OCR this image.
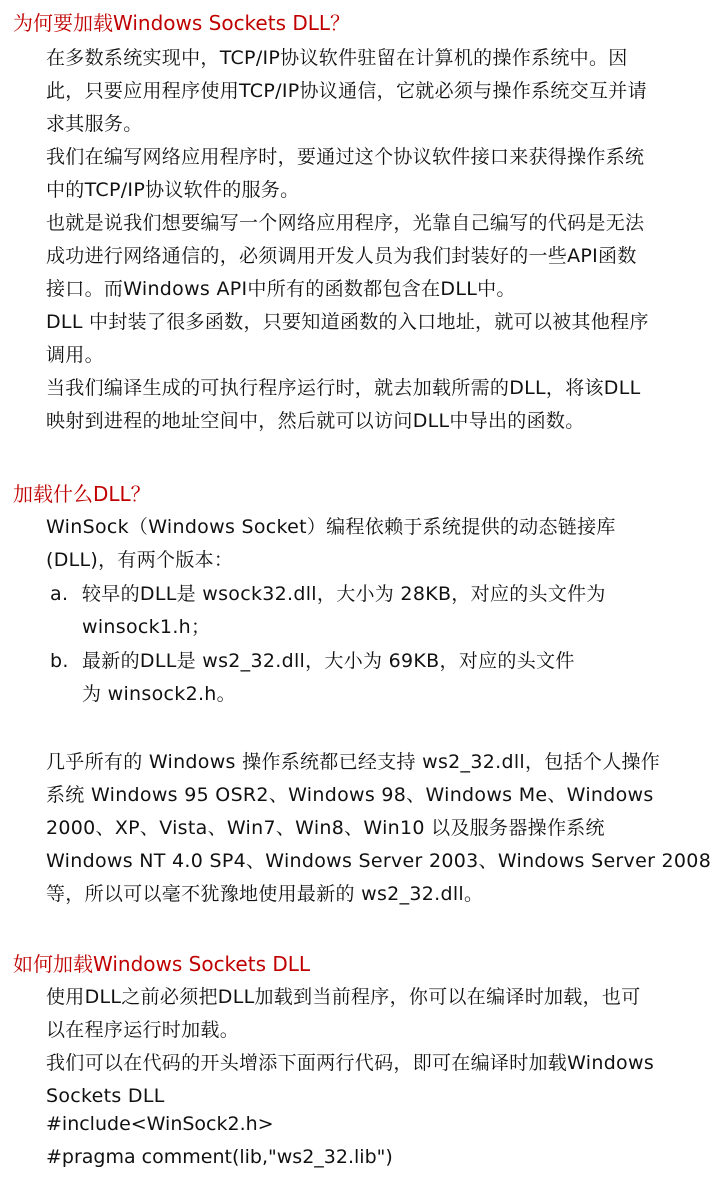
为何要加载Windows Sockets DLL？
在多数系统实现中，TCP/IP协议软件驻留在计算机的操作系统中。因
此，只要应用程序使用TCP/IP协议通信，它就必须与操作系统交互并请
求其服务。
我们在编写网络应用程序时，要通过这个协议软件接口来获得操作系统
中的TCP/IP协议软件的服务。
也就是说我们想要编写一个网络应用程序，光靠自己编写的代码是无法
成功进行网络通信的，必须调用开发人员为我们封装好的一些API函数
接口。而Windows API中所有的函数都包含在DLL中。
DLL 中封装了很多函数，只要知道函数的入口地址，就可以被其他程序
调用。
当我们编译生成的可执行程序运行时，就去加载所需的DLL，将该DLL
映射到进程的地址空间中，然后就可以访问DLL中导出的函数。
加载什么DLL？
WinSock（Windows Socket）编程依赖于系统提供的动态链接库
(DLL)，有两个版本：
a. 较早的DLL是 wsock32.dll，大小为 28KB，对应的头文件为
winsock1.h；
b. 最新的DLL是 ws2_32.dll，大小为 69KB，对应的头文件
为 winsock2.h。
几乎所有的 Windows 操作系统都已经支持 ws2_32.dll，包括个人操作
系统 Windows 95 OSR2、Windows 98、Windows Me、Windows
2000、XP、Vista、Win7、Win8、Win10 以及服务器操作系统
Windows NT 4.0 SP4、Windows Server 2003、Windows Server 2008
等，所以可以毫不犹豫地使用最新的 ws2_32.dll。
如何加载Windows Sockets DLL
使用DLL之前必须把DLL加载到当前程序，你可以在编译时加载，也可
以在程序运行时加载。
我们可以在代码的开头增添下面两行代码，即可在编译时加载Windows
Sockets DLL
#include<WinSock2.h>
#pragma comment(lib,"ws2_32.lib")
